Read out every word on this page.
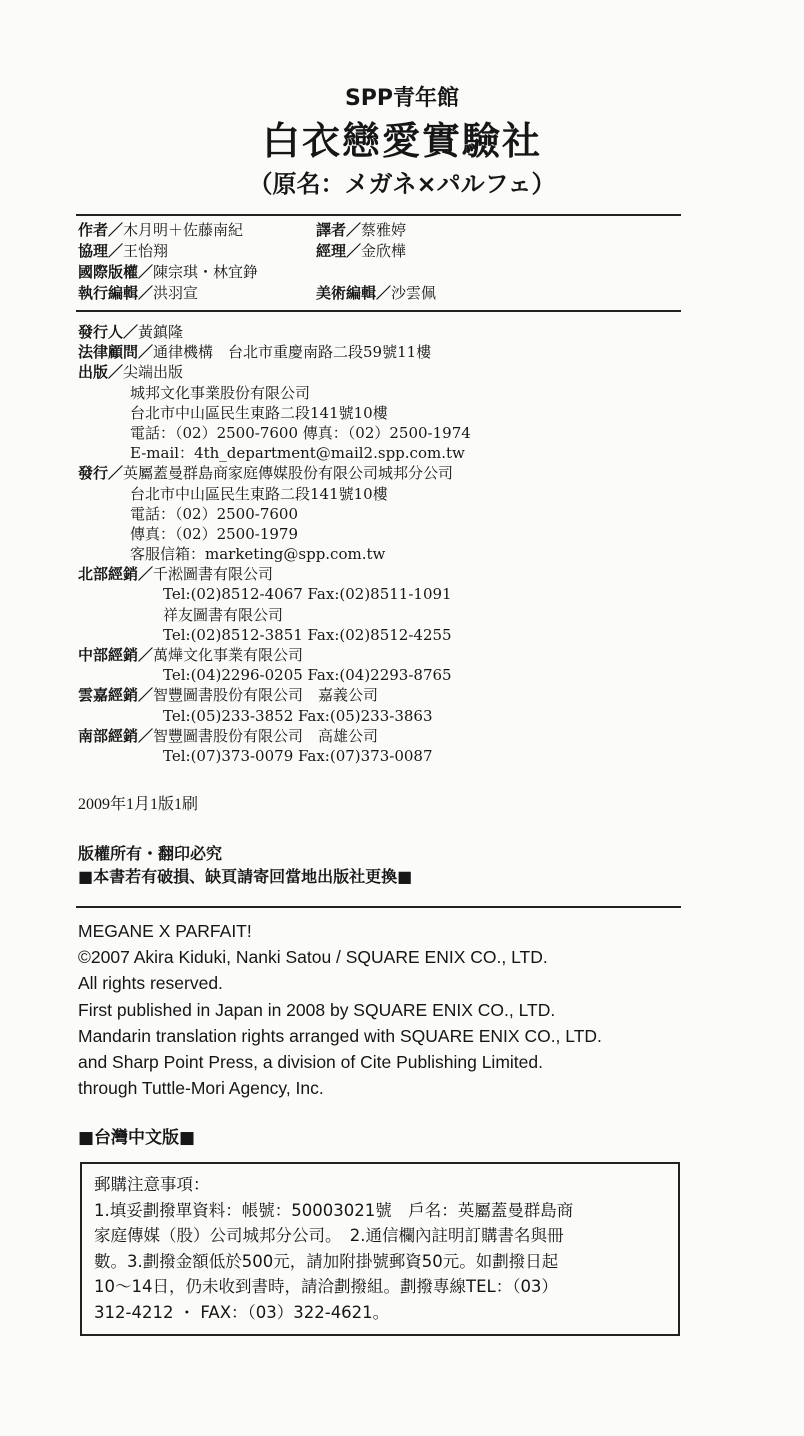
SPP青年館
白衣戀愛實驗社
（原名：メガネ×パルフェ）
作者／木月明＋佐藤南紀	譯者／蔡雅婷
協理／王怡翔	經理／金欣樺
國際版權／陳宗琪・林宜錚
執行編輯／洪羽宣	美術編輯／沙雲佩
發行人／黃鎮隆
法律顧問／通律機構　台北市重慶南路二段59號11樓
出版／尖端出版
城邦文化事業股份有限公司
台北市中山區民生東路二段141號10樓
電話：（02）2500-7600 傳真：（02）2500-1974
E-mail：4th_department@mail2.spp.com.tw
發行／英屬蓋曼群島商家庭傳媒股份有限公司城邦分公司
台北市中山區民生東路二段141號10樓
電話：（02）2500-7600
傳真：（02）2500-1979
客服信箱：marketing@spp.com.tw
北部經銷／千淞圖書有限公司
Tel:(02)8512-4067 Fax:(02)8511-1091
祥友圖書有限公司
Tel:(02)8512-3851 Fax:(02)8512-4255
中部經銷／萬燁文化事業有限公司
Tel:(04)2296-0205 Fax:(04)2293-8765
雲嘉經銷／智豐圖書股份有限公司　嘉義公司
Tel:(05)233-3852 Fax:(05)233-3863
南部經銷／智豐圖書股份有限公司　高雄公司
Tel:(07)373-0079 Fax:(07)373-0087
2009年1月1版1刷
版權所有・翻印必究
■本書若有破損、缺頁請寄回當地出版社更換■
MEGANE X PARFAIT!
©2007 Akira Kiduki, Nanki Satou / SQUARE ENIX CO., LTD.
All rights reserved.
First published in Japan in 2008 by SQUARE ENIX CO., LTD.
Mandarin translation rights arranged with SQUARE ENIX CO., LTD.
and Sharp Point Press, a division of Cite Publishing Limited.
through Tuttle-Mori Agency, Inc.
■台灣中文版■
郵購注意事項：
1.填妥劃撥單資料：帳號：50003021號　戶名：英屬蓋曼群島商
家庭傳媒（股）公司城邦分公司。　2.通信欄內註明訂購書名與冊
數。3.劃撥金額低於500元，請加附掛號郵資50元。如劃撥日起
10～14日，仍未收到書時，請洽劃撥組。劃撥專線TEL：（03）
312-4212 ・ FAX：（03）322-4621。
